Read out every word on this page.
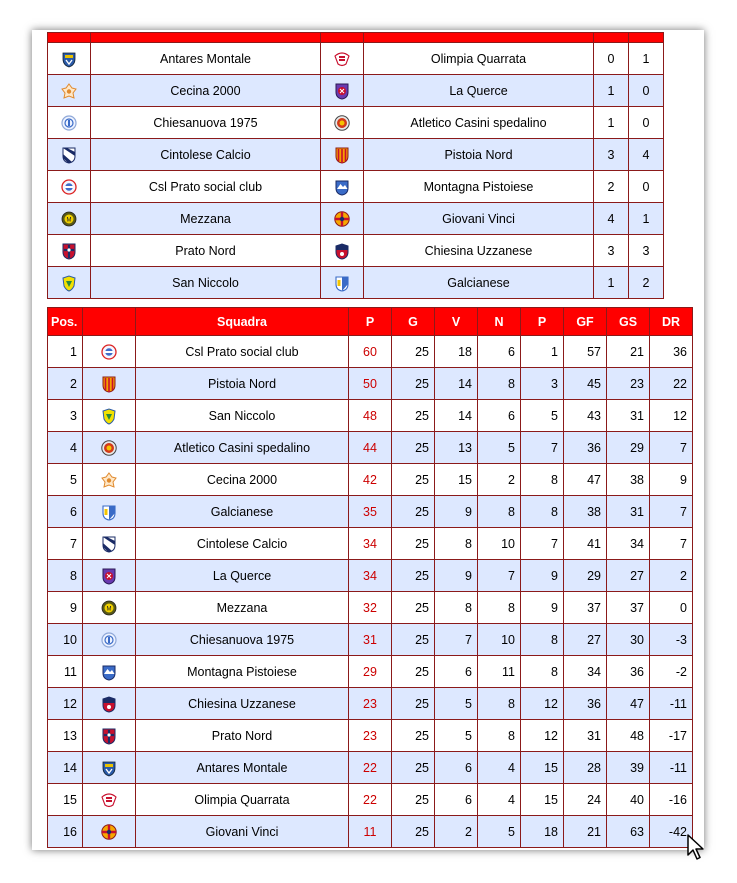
	Antares Montale		Olimpia Quarrata	0	1

	Cecina 2000		La Querce	1	0

	Chiesanuova 1975		Atletico Casini spedalino	1	0

	Cintolese Calcio		Pistoia Nord	3	4

	Csl Prato social club		Montagna Pistoiese	2	0

M	Mezzana		Giovani Vinci	4	1

	Prato Nord		Chiesina Uzzanese	3	3

	San Niccolo		Galcianese	1	2
Pos.		Squadra	P	G	V	N	P	GF	GS	DR
1		Csl Prato social club	60	25	18	6	1	57	21	36
2		Pistoia Nord	50	25	14	8	3	45	23	22
3		San Niccolo	48	25	14	6	5	43	31	12
4		Atletico Casini spedalino	44	25	13	5	7	36	29	7
5		Cecina 2000	42	25	15	2	8	47	38	9
6		Galcianese	35	25	9	8	8	38	31	7
7		Cintolese Calcio	34	25	8	10	7	41	34	7
8		La Querce	34	25	9	7	9	29	27	2
9	M	Mezzana	32	25	8	8	9	37	37	0
10		Chiesanuova 1975	31	25	7	10	8	27	30	-3
11		Montagna Pistoiese	29	25	6	11	8	34	36	-2
12		Chiesina Uzzanese	23	25	5	8	12	36	47	-11
13		Prato Nord	23	25	5	8	12	31	48	-17
14		Antares Montale	22	25	6	4	15	28	39	-11
15		Olimpia Quarrata	22	25	6	4	15	24	40	-16
16		Giovani Vinci	11	25	2	5	18	21	63	-42
